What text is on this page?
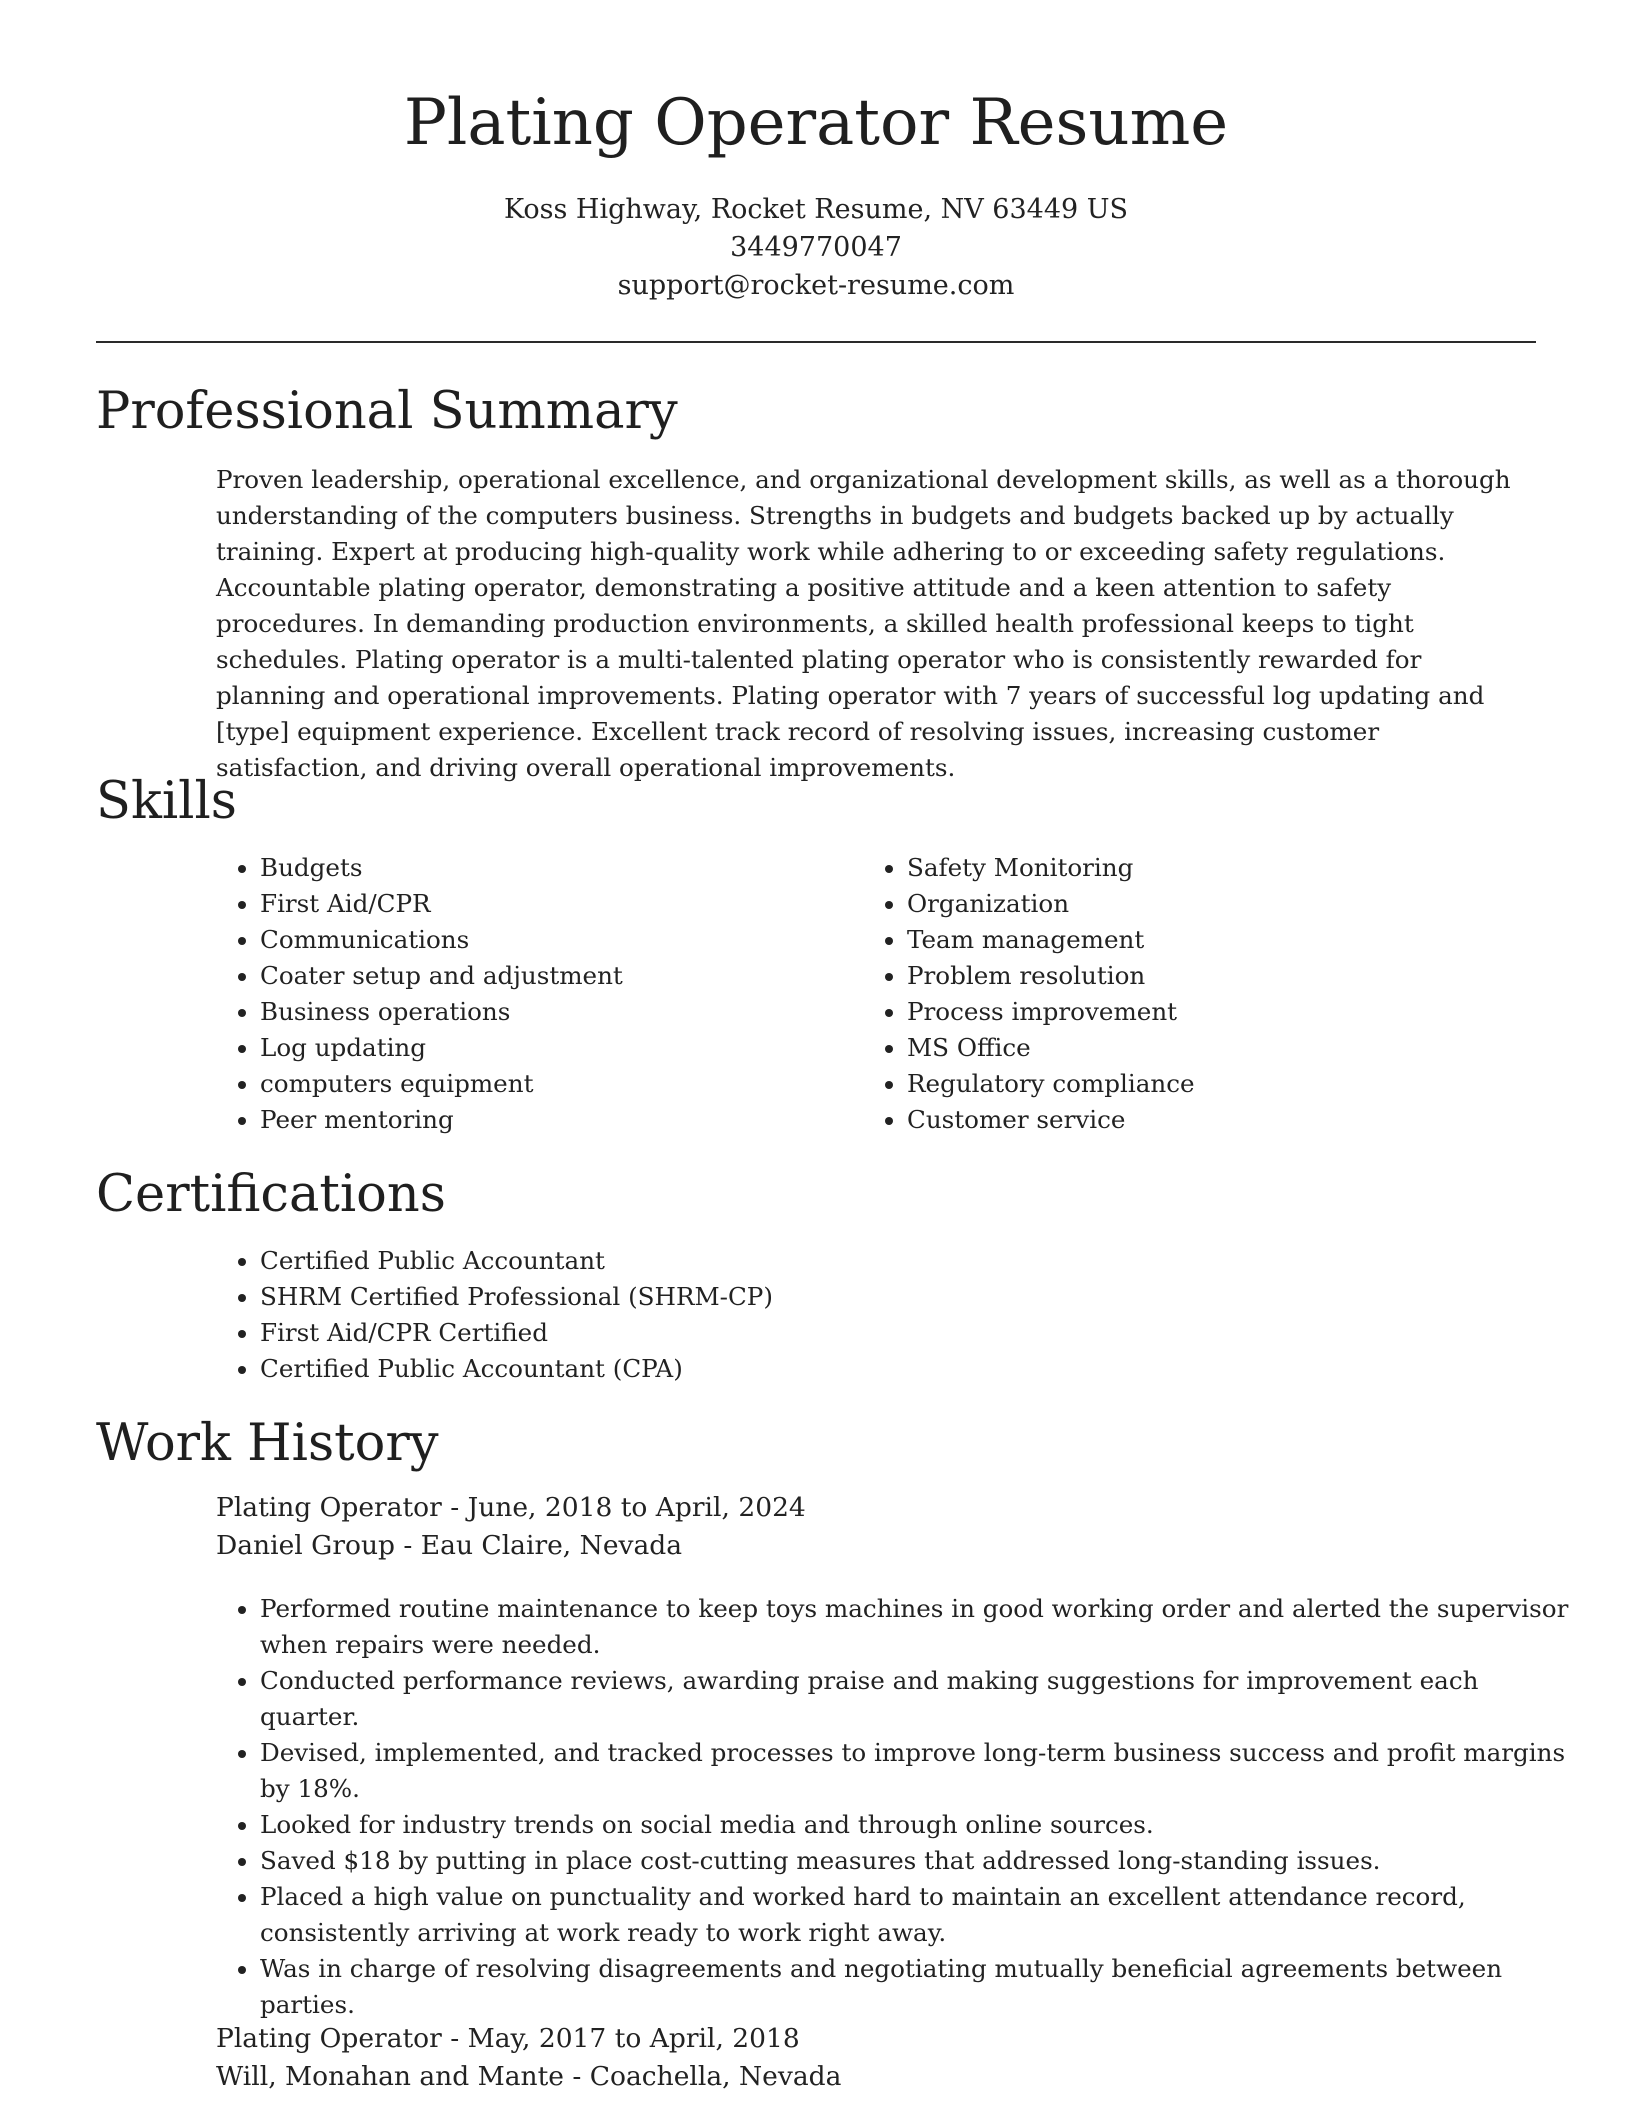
Plating Operator Resume
Koss Highway, Rocket Resume, NV 63449 US
3449770047
support@rocket-resume.com
Professional Summary

Proven leadership, operational excellence, and organizational development skills, as well as a thorough understanding of the computers business. Strengths in budgets and budgets backed up by actually training. Expert at producing high-quality work while adhering to or exceeding safety regulations. Accountable plating operator, demonstrating a positive attitude and a keen attention to safety procedures. In demanding production environments, a skilled health professional keeps to tight schedules. Plating operator is a multi-talented plating operator who is consistently rewarded for planning and operational improvements. Plating operator with 7 years of successful log updating and [type] equipment experience. Excellent track record of resolving issues, increasing customer satisfaction, and driving overall operational improvements.

Skills
• Budgets
• First Aid/CPR
• Communications
• Coater setup and adjustment
• Business operations
• Log updating
• computers equipment
• Peer mentoring
• Safety Monitoring
• Organization
• Team management
• Problem resolution
• Process improvement
• MS Office
• Regulatory compliance
• Customer service
Certifications
• Certified Public Accountant
• SHRM Certified Professional (SHRM-CP)
• First Aid/CPR Certified
• Certified Public Accountant (CPA)
Work History
Plating Operator - June, 2018 to April, 2024
Daniel Group - Eau Claire, Nevada
• Performed routine maintenance to keep toys machines in good working order and alerted the supervisor when repairs were needed.
• Conducted performance reviews, awarding praise and making suggestions for improvement each quarter.
• Devised, implemented, and tracked processes to improve long-term business success and profit margins by 18%.
• Looked for industry trends on social media and through online sources.
• Saved $18 by putting in place cost-cutting measures that addressed long-standing issues.
• Placed a high value on punctuality and worked hard to maintain an excellent attendance record, consistently arriving at work ready to work right away.
• Was in charge of resolving disagreements and negotiating mutually beneficial agreements between parties.
Plating Operator - May, 2017 to April, 2018
Will, Monahan and Mante - Coachella, Nevada
